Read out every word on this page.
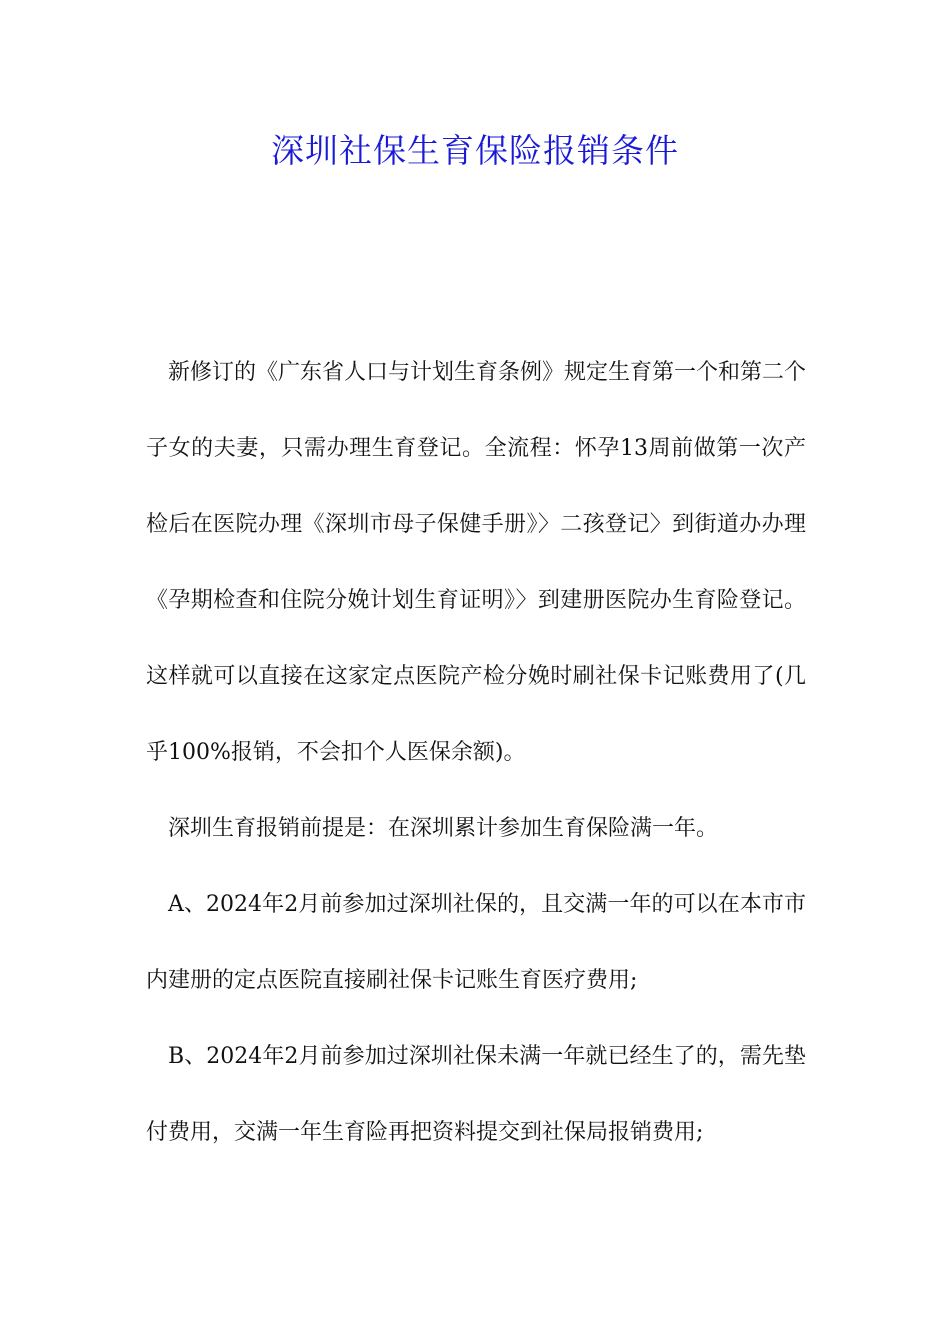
深圳社保生育保险报销条件

新修订的《广东省人口与计划生育条例》规定生育第一个和第二个子女的夫妻，只需办理生育登记。全流程：怀孕13周前做第一次产检后在医院办理《深圳市母子保健手册》〉二孩登记〉到街道办办理《孕期检查和住院分娩计划生育证明》〉到建册医院办生育险登记。这样就可以直接在这家定点医院产检分娩时刷社保卡记账费用了(几乎100%报销，不会扣个人医保余额)。

深圳生育报销前提是：在深圳累计参加生育保险满一年。

A、2024年2月前参加过深圳社保的，且交满一年的可以在本市市内建册的定点医院直接刷社保卡记账生育医疗费用;

B、2024年2月前参加过深圳社保未满一年就已经生了的，需先垫付费用，交满一年生育险再把资料提交到社保局报销费用;
